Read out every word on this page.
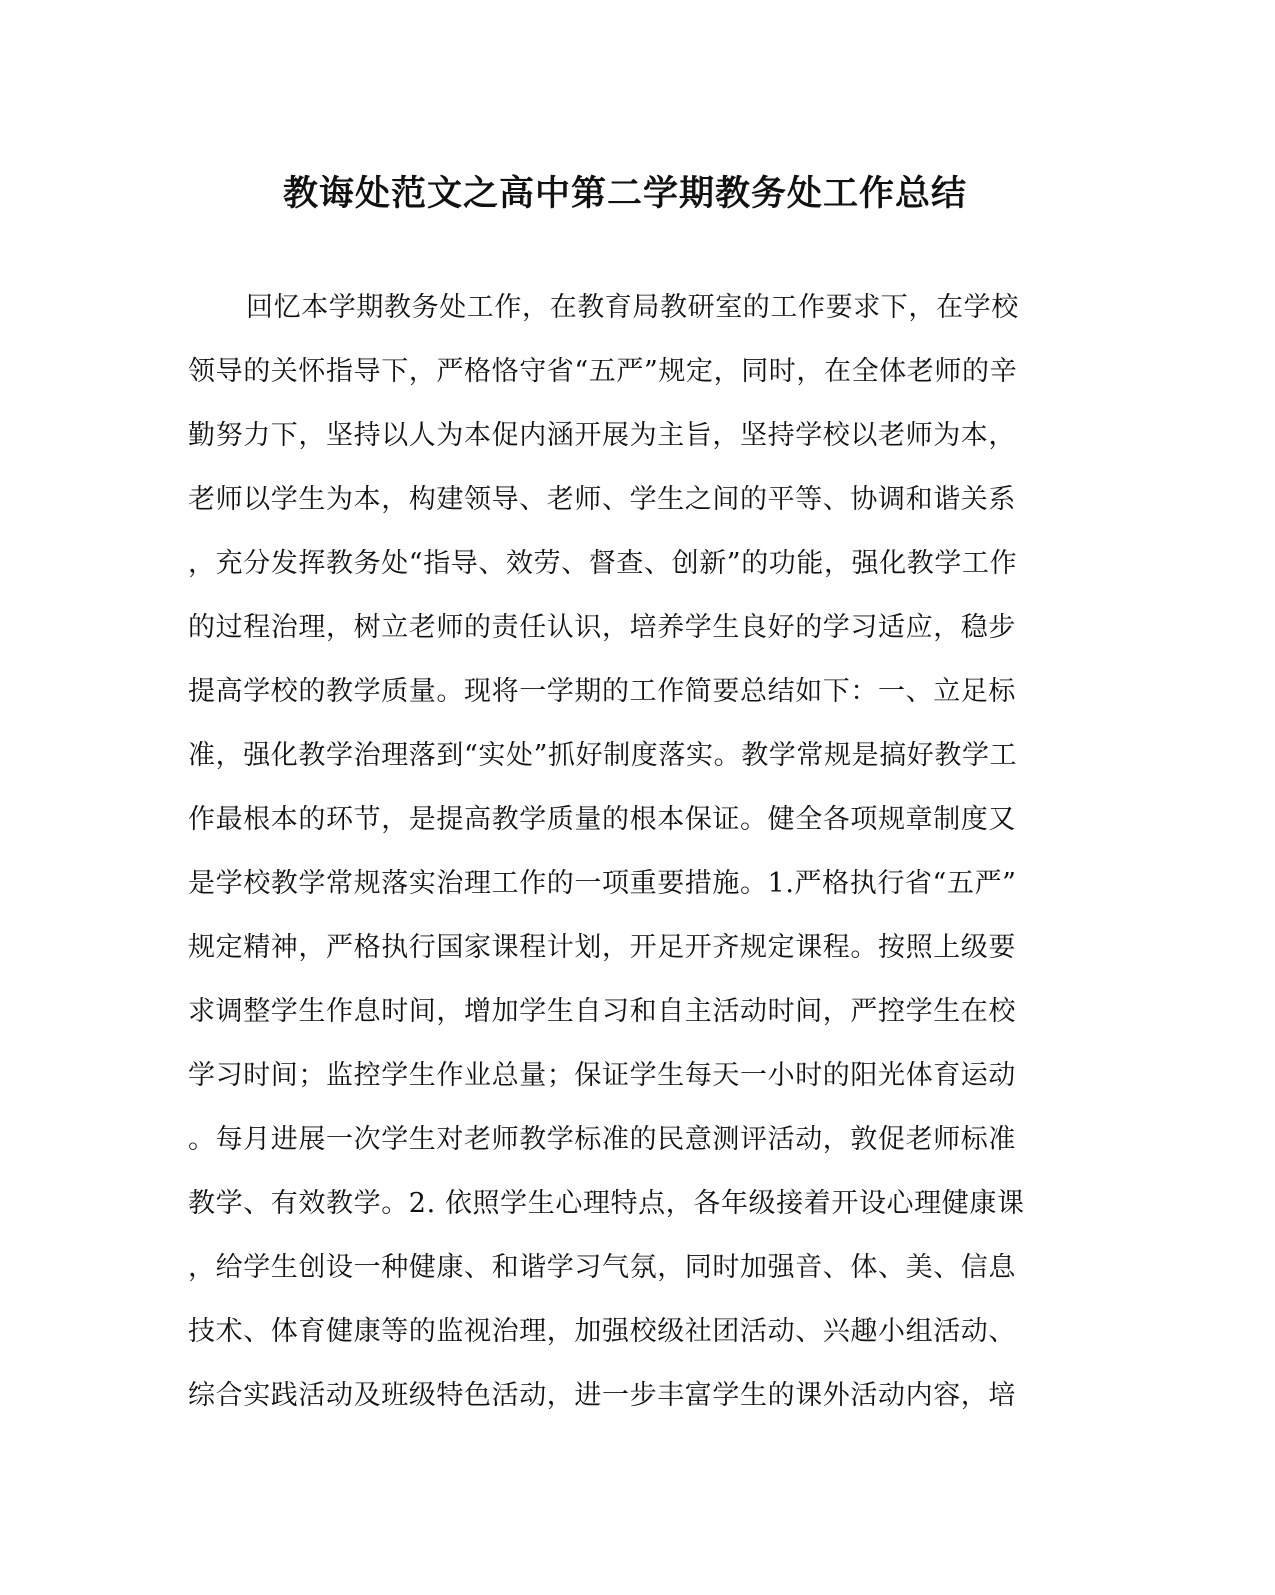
教诲处范文之高中第二学期教务处工作总结
回忆本学期教务处工作，在教育局教研室的工作要求下，在学校
领导的关怀指导下，严格恪守省“五严”规定，同时，在全体老师的辛
勤努力下，坚持以人为本促内涵开展为主旨，坚持学校以老师为本，
老师以学生为本，构建领导、老师、学生之间的平等、协调和谐关系
，充分发挥教务处“指导、效劳、督查、创新”的功能，强化教学工作
的过程治理，树立老师的责任认识，培养学生良好的学习适应，稳步
提高学校的教学质量。现将一学期的工作简要总结如下：一、立足标
准，强化教学治理落到“实处”抓好制度落实。教学常规是搞好教学工
作最根本的环节，是提高教学质量的根本保证。健全各项规章制度又
是学校教学常规落实治理工作的一项重要措施。1.严格执行省“五严”
规定精神，严格执行国家课程计划，开足开齐规定课程。按照上级要
求调整学生作息时间，增加学生自习和自主活动时间，严控学生在校
学习时间；监控学生作业总量；保证学生每天一小时的阳光体育运动
。每月进展一次学生对老师教学标准的民意测评活动，敦促老师标准
教学、有效教学。2. 依照学生心理特点，各年级接着开设心理健康课
，给学生创设一种健康、和谐学习气氛，同时加强音、体、美、信息
技术、体育健康等的监视治理，加强校级社团活动、兴趣小组活动、
综合实践活动及班级特色活动，进一步丰富学生的课外活动内容，培
